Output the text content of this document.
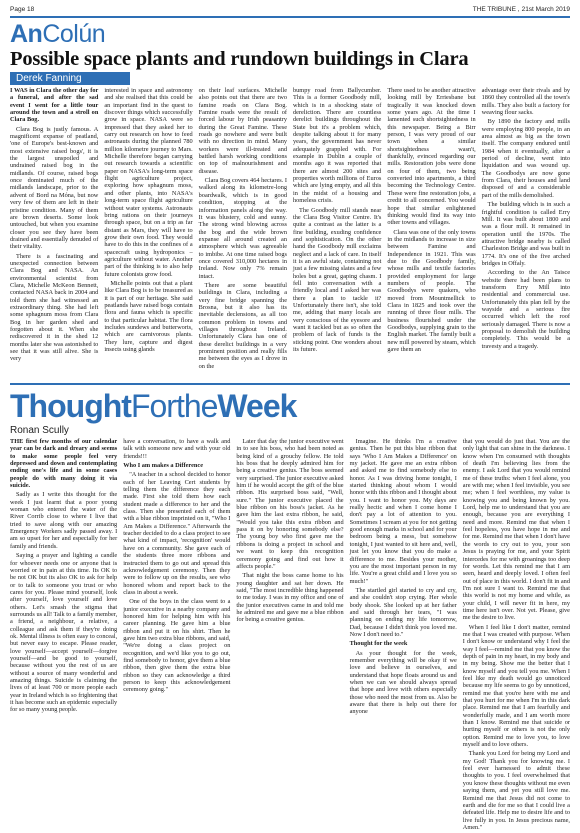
Page 18	THE TRIBUNE , 21st March 2019
AnColún
Possible space plants and rundown buildings in Clara
Derek Fanning

I WAS in Clara the other day for a funeral, and after the sad event I went for a little tour around the town and a stroll on Clara Bog.

Clara Bog is justly famous. A magnificent expanse of peatland, 'one of Europe's best-known and most extensive raised bogs', it is the largest unspoiled and undrained raised bog in the midlands. Of course, raised bogs once dominated much of the midlands landscape, prior to the advent of Bord na Móna, but now very few of them are left in their pristine condition. Many of them are brown deserts. Some look untouched, but when you examine closer you see they have been drained and essentially denuded of their vitality.

There is a fascinating and unexpected connection between Clara Bog and NASA. An environmental scientist from Clara, Michelle McKeon Bennett, contacted NASA back in 2004 and told them she had witnessed an extraordinary thing. She had left some sphagnum moss from Clara Bog in her garden shed and forgotten about it. When she rediscovered it in the shed 12 months later she was astonished to see that it was still alive. She is very

interested in space and astronomy and she realised that this could be an important find in the quest to discover things which successfully grow in space. NASA were so impressed that they asked her to carry out research on how to feed astronauts during the planned 780 million kilometre journey to Mars. Michelle therefore began carrying out research towards a scientific paper on NASA's long-term space flight agriculture project, exploring how sphagnum moss, and other plants, into NASA's long-term space flight agriculture without water systems. Astronauts bring rations on their journeys through space, but on a trip as far distant as Mars, they will have to grow their own food. They would have to do this in the confines of a spacecraft using hydroponics – agriculture without water. Another part of the thinking is to also help future colonists grow food.

Michelle points out that a plant like Clara Bog is to be treasured as it is part of our heritage. She said peatlands have raised bogs contain flora and fauna which is specific to that particular habitat. The flora includes sundews and butterworts, which are carnivorous plants. They lure, capture and digest insects using glands

on their leaf surfaces. Michelle also points out that there are two famine roads on Clara Bog. Famine roads were the result of forced labour by Irish peasantry during the Great Famine. These roads go nowhere and were built with no direction in mind. Many workers were ill-treated and battled harsh working conditions on top of malnourishment and disease.

Clara Bog covers 464 hectares. I walked along its kilometre-long boardwalk, which is in good condition, stopping at the information panels along the way. It was blustery, cold and sunny. The strong wind blowing across the bog and the wide brown expanse all around created an atmosphere which was agreeable to imbibe. At one time raised bogs once covered 310,000 hectares in Ireland. Now only 7% remain intact.

There are some beautiful buildings in Clara, including a very fine bridge spanning the Brosna, but it also has its inevitable declensions, as all too common problem in towns and villages throughout Ireland. Unfortunately Clara has one of these derelict buildings in a very prominent position and really fills me between the eyes as I drove in on the

bumpy road from Ballycumber. This is a former Goodbody mill, which is in a shocking state of dereliction. There are countless derelict buildings throughout the State but it's a problem which, despite talking about it for many years, the government has never adequately grappled with. For example in Dublin a couple of months ago it was reported that there are almost 200 sites and properties worth millions of Euros which are lying empty, and all this in the midst of a housing and homeless crisis.

The Goodbody mill stands near the Clara Bog Visitor Centre. It's quite a contrast as the latter is a fine building, exuding confidence and sophistication. On the other hand the Goodbody mill exclaims neglect and a lack of care. In itself it is an awful state, containing not just a few missing slates and a few holes but a great, gaping chasm. I fell into conversation with a friendly local and I asked her was there a plan to tackle it? Unfortunately there isn't, she told me, adding that many locals are very conscious of the eyesore and want it tackled but as so often the problem of lack of funds is the sticking point. One wonders about its future.

There used to be another attractive looking mill by Erriesbane but tragically it was knocked down some years ago. At the time I lamented such shortsightedness in this newspaper. Being a Birr person, I was very proud of our town when a similar shortsightedness wasn't, thankfully, evinced regarding our mills. Restoration jobs were done on four of them, two being converted into apartments, a third becoming the Technology Centre. These were fine restoration jobs, a credit to all concerned. You would hope that similar enlightened thinking would find its way into other towns and villages.

Clara was one of the only towns in the midlands to increase in size between Famine and Independence in 1921. This was due to the Goodbody family, whose mills and textile factories provided employment for large numbers of people. The Goodbodys were quakers, who moved from Mountmellick to Clara in 1825 and took over the running of three flour mills. The business flourished under the Goodbodys, supplying grain to the English market. The family built a new mill powered by steam, which gave them an

advantage over their rivals and by 1860 they controlled all the town's mills. They also built a factory for weaving flour sacks.

By 1890 the factory and mills were employing 800 people, in an area almost as big as the town itself. The company endured until 1984 when it eventually, after a period of decline, went into liquidation and was wound up. The Goodbodys are now gone from Clara, their houses and land disposed of and a considerable part of the mills demolished.

The building which is in such a frightful condition is called Erry Mill. It was built about 1800 and was a flour mill. It remained in operation until the 1970s. The attractive bridge nearby is called Charleston Bridge and was built in 1774. It's one of the five arched bridges in Offaly.

According to the An Taisce website there had been plans to transform Erry Mill into residential and commercial use. Unfortunately this plan fell by the wayside and a serious fire occurred which left the roof seriously damaged. There is now a proposal to demolish the building completely. This would be a travesty and a tragedy.

ThoughtFortheWeek
Ronan Scully

THE first few months of our calendar year can be dark and dreary and seems to make some people feel very depressed and down and contemplating ending one's life and in some cases people do with many doing it via suicide.

Sadly as I write this thought for the week I just learnt that a poor young woman who entered the water of the River Corrib close to where I live that tried to save along with our amazing Emergency Workers sadly passed away. I am so upset for her and especially for her family and friends.

Saying a prayer and lighting a candle for whoever needs one or anyone that is worried or in pain at this time. Its OK to be not OK but its also OK to ask for help or to talk to someone you trust or who cares for you. Please mind yourself, look after yourself, love yourself and love others. Let's smash the stigma that surrounds us all! Talk to a family member, a friend, a neighbour, a relative, a colleague and ask them if they're doing ok. Mental illness is often easy to conceal, but never easy to escape. Please reader, love yourself—accept yourself—forgive yourself—and be good to yourself, because without you the rest of us are without a source of many wonderful and amazing things. Suicide is claiming the lives of at least 700 or more people each year in Ireland which is so frightening that it has become such an epidemic especially for so many young people.

have a conversation, to have a walk and talk with someone new and with your old friends!!!

Who I am makes a Difference

"A teacher in a school decided to honor each of her Leaving Cert students by telling them the difference they each made. First she told them how each student made a difference to her and the class. Then she presented each of them with a blue ribbon imprinted on it, "Who I Am Makes a Difference." Afterwards the teacher decided to do a class project to see what kind of impact, 'recognition' would have on a community. She gave each of the students three more ribbons and instructed them to go out and spread this acknowledgement ceremony. Then they were to follow up on the results, see who honored whom and report back to the class in about a week.

One of the boys in the class went to a junior executive in a nearby company and honored him for helping him with his career planning. He gave him a blue ribbon and put it on his shirt. Then he gave him two extra blue ribbons, and said, "We're doing a class project on recognition, and we'd like you to go out, find somebody to honor, give them a blue ribbon, then give them the extra blue ribbon so they can acknowledge a third person to keep this acknowledgement ceremony going."

Later that day the junior executive went in to see his boss, who had been noted as being kind of a grouchy fellow. He told his boss that he deeply admired him for being a creative genius. The boss seemed very surprised. The junior executive asked him if he would accept the gift of the blue ribbon. His surprised boss said, "Well, sure." The junior executive placed the blue ribbon on his boss's jacket. As he gave him the last extra ribbon, he said, "Would you take this extra ribbon and pass it on by honoring somebody else? The young boy who first gave me the ribbons is doing a project in school and we want to keep this recognition ceremony going and find out how it affects people."

That night the boss came home to his young daughter and sat her down. He said, "The most incredible thing happened to me today. I was in my office and one of the junior executives came in and told me he admired me and gave me a blue ribbon for being a creative genius.

Imagine. He thinks I'm a creative genius. Then he put this blue ribbon that says 'Who I Am Makes a Difference' on my jacket. He gave me an extra ribbon and asked me to find somebody else to honor. As I was driving home tonight, I started thinking about whom I would honor with this ribbon and I thought about you. I want to honor you. My days are really hectic and when I come home I don't pay a lot of attention to you. Sometimes I scream at you for not getting good enough marks in school and for your bedroom being a mess, but somehow tonight, I just wanted to sit here and, well, just let you know that you do make a difference to me. Besides your mother, you are the most important person in my life. You're a great child and I love you so much!"

The startled girl started to cry and cry, and she couldn't stop crying. Her whole body shook. She looked up at her father and said through her tears, "I was planning on ending my life tomorrow, Dad, because I didn't think you loved me. Now I don't need to."

Thought for the week

As your thought for the week, remember everything will be okay if we love and believe in ourselves, and understand that hope floats around us and when we can we should always spread that hope and love with others especially those who need the most from us. Also be aware that there is help out there for anyone

that you would do just that. You are the only light that can shine in the darkness. I know when I'm consumed with thoughts of death I'm believing lies from the enemy. I ask Lord that you would remind me of these truths: when I feel alone, you are with me; when I feel invisible, you see me; when I feel worthless, my value is knowing you and being known by you. Lord, help me to understand that you are enough, because you are everything I need and more. Remind me that when I feel hopeless, you have hope in me and for me. Remind me that when I don't have the words to cry out to you, your son Jesus is praying for me, and your Spirit intercedes for me with groanings too deep for words. Let this remind me that I am seen, heard and deeply loved. I often feel out of place in this world. I don't fit in and I'm not sure I want to. Remind me that this world is not my home and while, as your child, I will never fit in here, my time here isn't over. Not yet. Please, give me the desire to live.

When I feel like I don't matter, remind me that I was created with purpose. When I don't know or understand why I feel the way I feel—remind me that you know the depth of pain in my heart, in my body and in my being. Show me the better that I know myself and you tell you me. When I feel like my death would go unnoticed because my life seems to go by unnoticed, remind me that you're here with me and that you hurt for me when I'm in this dark place. Remind me that I am fearfully and wonderfully made, and I am worth more than I know. Remind me that suicide or hurting myself or others is not the only option. Remind me to love you, to love myself and to love others.

Thank you Lord for being my Lord and my God! Thank you for knowing me. I feel ever harnessed to admit these thoughts to you. I feel overwhelmed that you know these thoughts without me even saying them, and yet you still love me. Remind me that Jesus did not come to earth and die for me so that I could live a defeated life. Help me to desire life and to live fully in you. In Jesus precious name, Amen."
